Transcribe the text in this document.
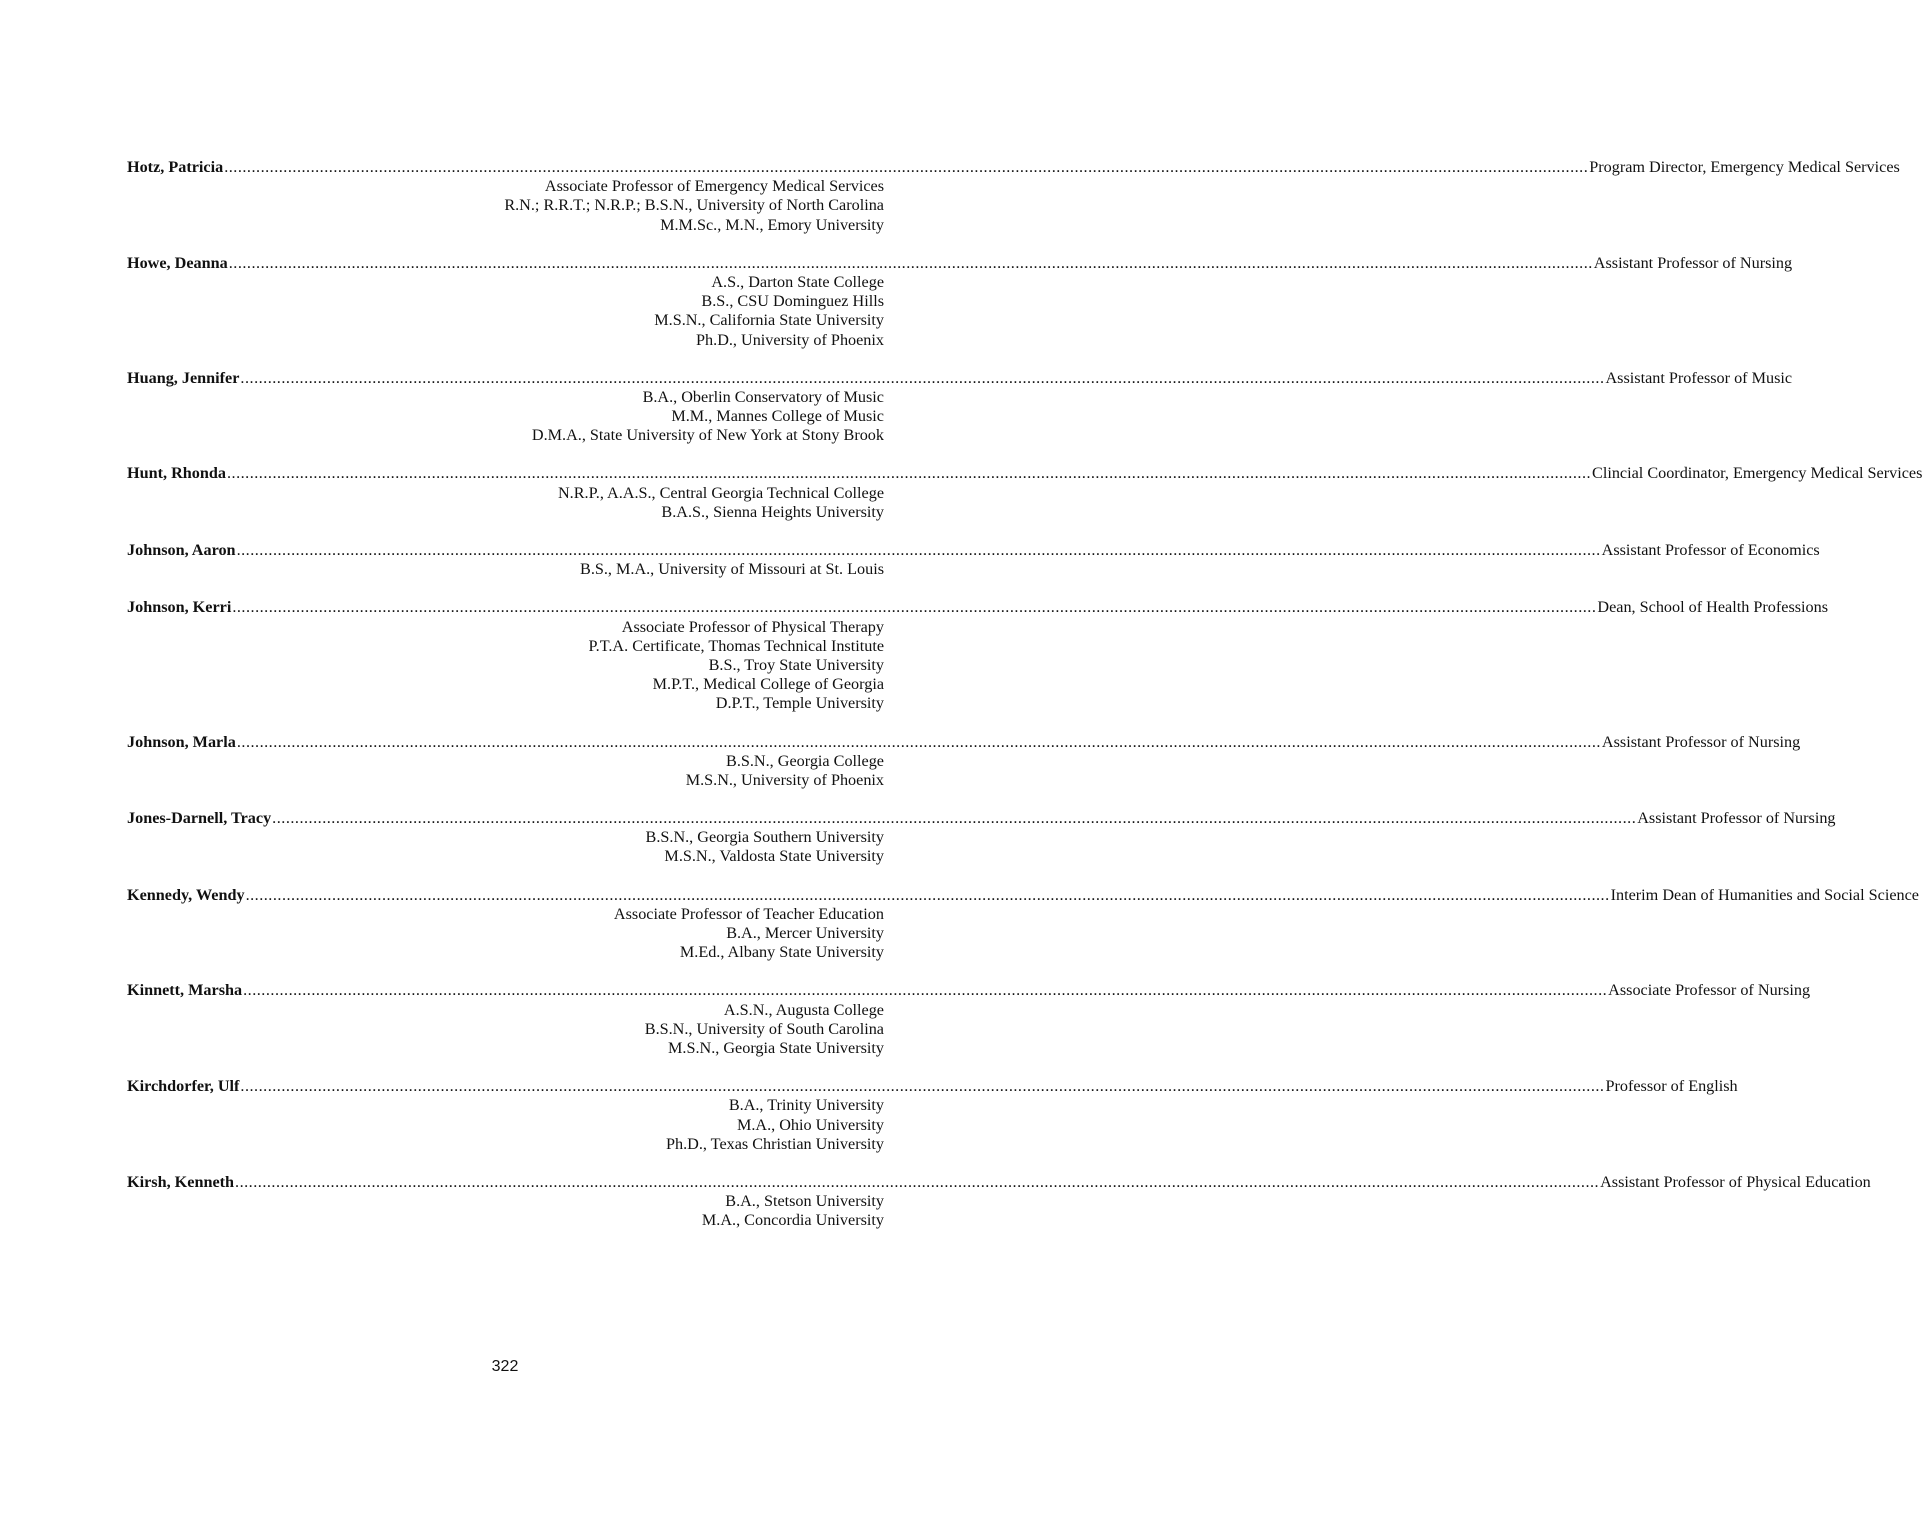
Hotz, Patricia ............................................................................................................................................................................................................................................................................................................ Program Director, Emergency Medical Services
Associate Professor of Emergency Medical Services
R.N.; R.R.T.; N.R.P.; B.S.N., University of North Carolina
M.M.Sc., M.N., Emory University
Howe, Deanna ............................................................................................................................................................................................................................................................................................................ Assistant Professor of Nursing
A.S., Darton State College
B.S., CSU Dominguez Hills
M.S.N., California State University
Ph.D., University of Phoenix
Huang, Jennifer ............................................................................................................................................................................................................................................................................................................ Assistant Professor of Music
B.A., Oberlin Conservatory of Music
M.M., Mannes College of Music
D.M.A., State University of New York at Stony Brook
Hunt, Rhonda ............................................................................................................................................................................................................................................................................................................ Clincial Coordinator, Emergency Medical Services
N.R.P., A.A.S., Central Georgia Technical College
B.A.S., Sienna Heights University
Johnson, Aaron ............................................................................................................................................................................................................................................................................................................ Assistant Professor of Economics
B.S., M.A., University of Missouri at St. Louis
Johnson, Kerri ............................................................................................................................................................................................................................................................................................................ Dean, School of Health Professions
Associate Professor of Physical Therapy
P.T.A. Certificate, Thomas Technical Institute
B.S., Troy State University
M.P.T., Medical College of Georgia
D.P.T., Temple University
Johnson, Marla ............................................................................................................................................................................................................................................................................................................ Assistant Professor of Nursing
B.S.N., Georgia College
M.S.N., University of Phoenix
Jones-Darnell, Tracy ............................................................................................................................................................................................................................................................................................................ Assistant Professor of Nursing
B.S.N., Georgia Southern University
M.S.N., Valdosta State University
Kennedy, Wendy ............................................................................................................................................................................................................................................................................................................ Interim Dean of Humanities and Social Science
Associate Professor of Teacher Education
B.A., Mercer University
M.Ed., Albany State University
Kinnett, Marsha ............................................................................................................................................................................................................................................................................................................ Associate Professor of Nursing
A.S.N., Augusta College
B.S.N., University of South Carolina
M.S.N., Georgia State University
Kirchdorfer, Ulf ............................................................................................................................................................................................................................................................................................................ Professor of English
B.A., Trinity University
M.A., Ohio University
Ph.D., Texas Christian University
Kirsh, Kenneth ............................................................................................................................................................................................................................................................................................................ Assistant Professor of Physical Education
B.A., Stetson University
M.A., Concordia University
322
